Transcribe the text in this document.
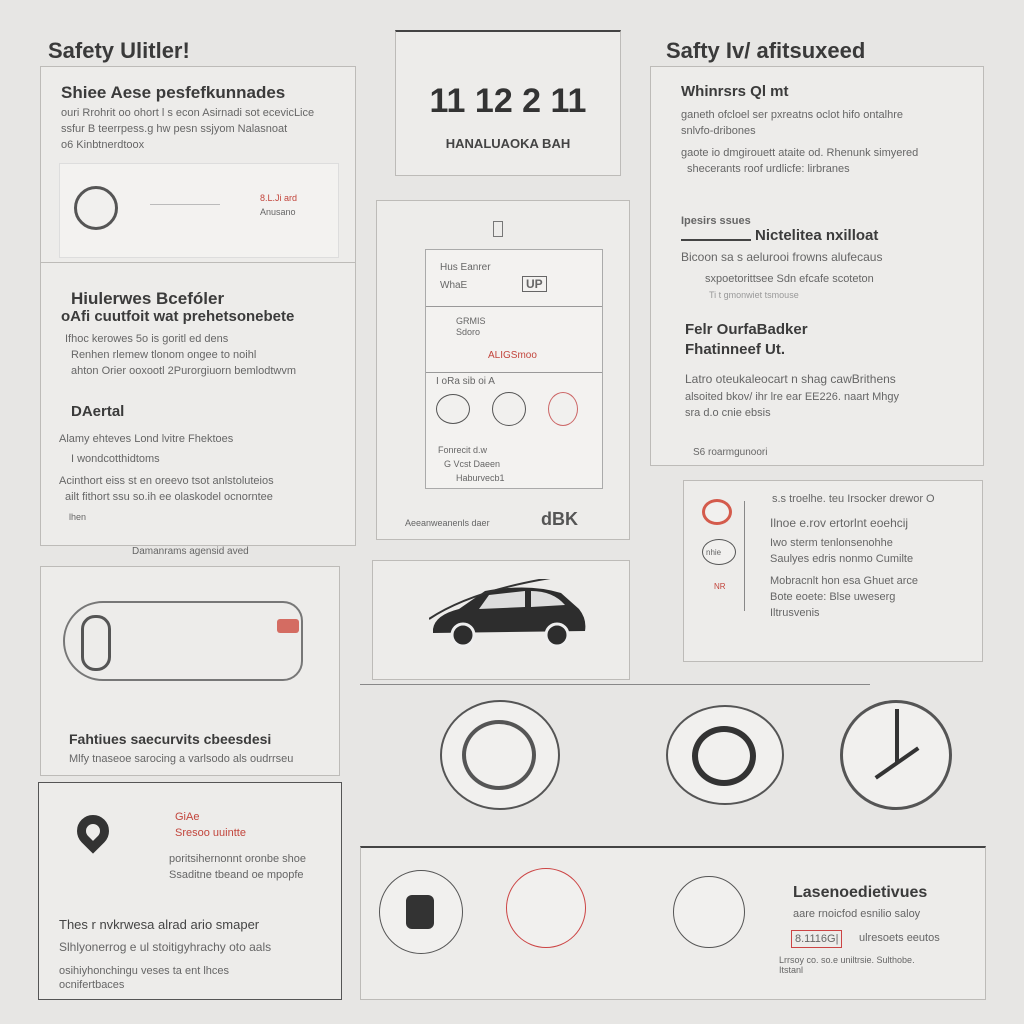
Safety Ulitler!
Shiee Aese pesfefkunnades
ouri Rrohrit oo ohort l s econ Asirnadi sot ecevicLice
ssfur B teerrpess.g hw pesn ssjyom Nalasnoat
o6 Kinbtnerdtoox
8.L.Ji ard
Anusano
Hiulerwes Bcefóler
oAfi cuutfoit wat prehetsonebete
Ifhoc kerowes 5o is goritl ed dens
Renhen rlemew tlonom ongee to noihl
ahton Orier ooxootl 2Purorgiuorn bemlodtwvm
DAertal
Alamy ehteves Lond lvitre Fhektoes
I wondcotthidtoms
Acinthort eiss st en oreevo tsot anlstoluteios
ailt fithort ssu so.ih ee olaskodel ocnorntee
lhen
Damanrams agensid aved
Fahtiues saecurvits cbeesdesi
Mlfy tnaseoe sarocing a varlsodo als oudrrseu
GiAe
Sresoo uuintte
poritsihernonnt oronbe shoe
Ssaditne tbeand oe mpopfe
Thes r nvkrwesa alrad ario smaper
Slhlyonerrog e ul stoitigyhrachy oto aals
osihiyhonchingu veses ta ent lhces
ocnifertbaces
11 12 2 11
HANALUAOKA BAH
Hus Eanrer
WhaE	UP
GRMIS Sdoro
ALIGSmoo
I oRa sib oi A
Fonrecit d.w
G Vcst Daeen
Haburvecb1
Aeeanweanenls daer	dBK
Lasenoedietivues
aare rnoicfod esnilio saloy
8.1116G|	ulresoets eeutos
Lrrsoy co. so.e uniltrsie. Sulthobe.
Itstanl
Safty Iv/ afitsuxeed
Whinrsrs Ql mt
ganeth ofcloel ser pxreatns oclot hifo ontalhre
snlvfo-dribones
gaote io dmgirouett ataite od. Rhenunk simyered
shecerants roof urdlicfe: lirbranes
Ipesirs ssues
Nictelitea nxilloat
Bicoon sa s aelurooi frowns alufecaus
sxpoetorittsee Sdn efcafe scoteton
Ti t gmonwiet tsmouse
Felr OurfaBadker
Fhatinneef Ut.
Latro oteukaleocart n shag cawBrithens
alsoited bkov/ ihr lre ear EE226. naart Mhgy
sra d.o cnie ebsis
S6 roarmgunoori
nhie
NR
s.s troelhe. teu Irsocker drewor O
Ilnoe e.rov ertorlnt eoehcij
Iwo sterm tenlonsenohhe
Saulyes edris nonmo Cumilte
Mobracnlt hon esa Ghuet arce
Bote eoete: Blse uweserg
Iltrusvenis
